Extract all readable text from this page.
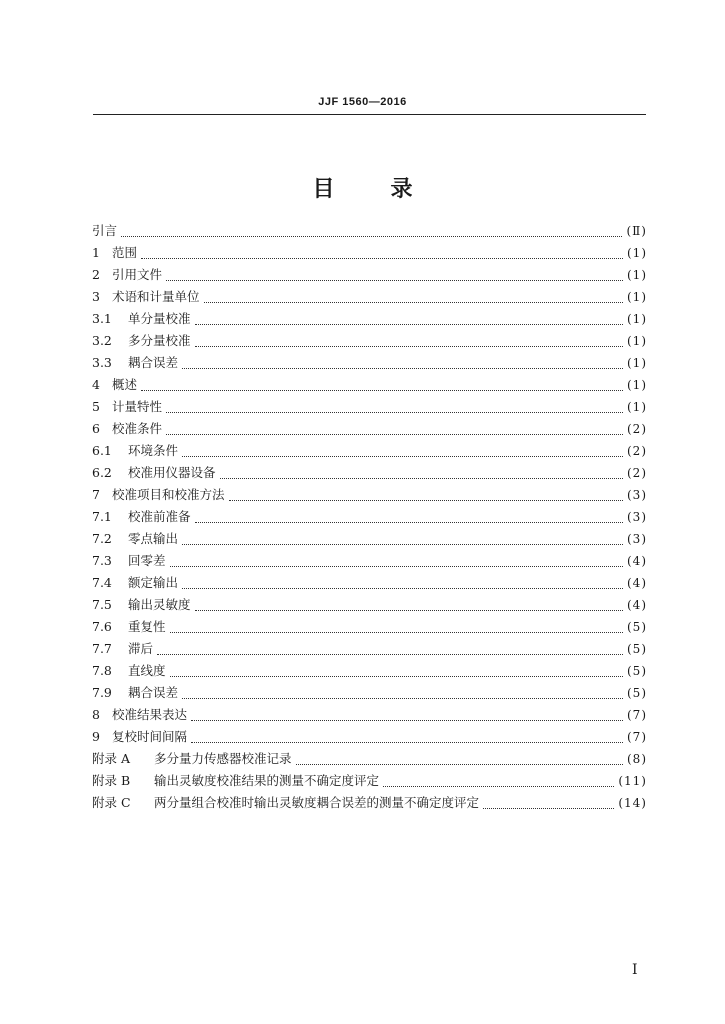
JJF 1560—2016
目	录
引言	(Ⅱ)
1 范围	(1)
2 引用文件	(1)
3 术语和计量单位	(1)
3.1	单分量校准	(1)
3.2	多分量校准	(1)
3.3	耦合误差	(1)
4 概述	(1)
5 计量特性	(1)
6 校准条件	(2)
6.1	环境条件	(2)
6.2	校准用仪器设备	(2)
7 校准项目和校准方法	(3)
7.1	校准前准备	(3)
7.2	零点输出	(3)
7.3	回零差	(4)
7.4	额定输出	(4)
7.5	输出灵敏度	(4)
7.6	重复性	(5)
7.7	滞后	(5)
7.8	直线度	(5)
7.9	耦合误差	(5)
8 校准结果表达	(7)
9 复校时间间隔	(7)
附录 A	多分量力传感器校准记录	(8)
附录 B	输出灵敏度校准结果的测量不确定度评定	(11)
附录 C	两分量组合校准时输出灵敏度耦合误差的测量不确定度评定	(14)
I
